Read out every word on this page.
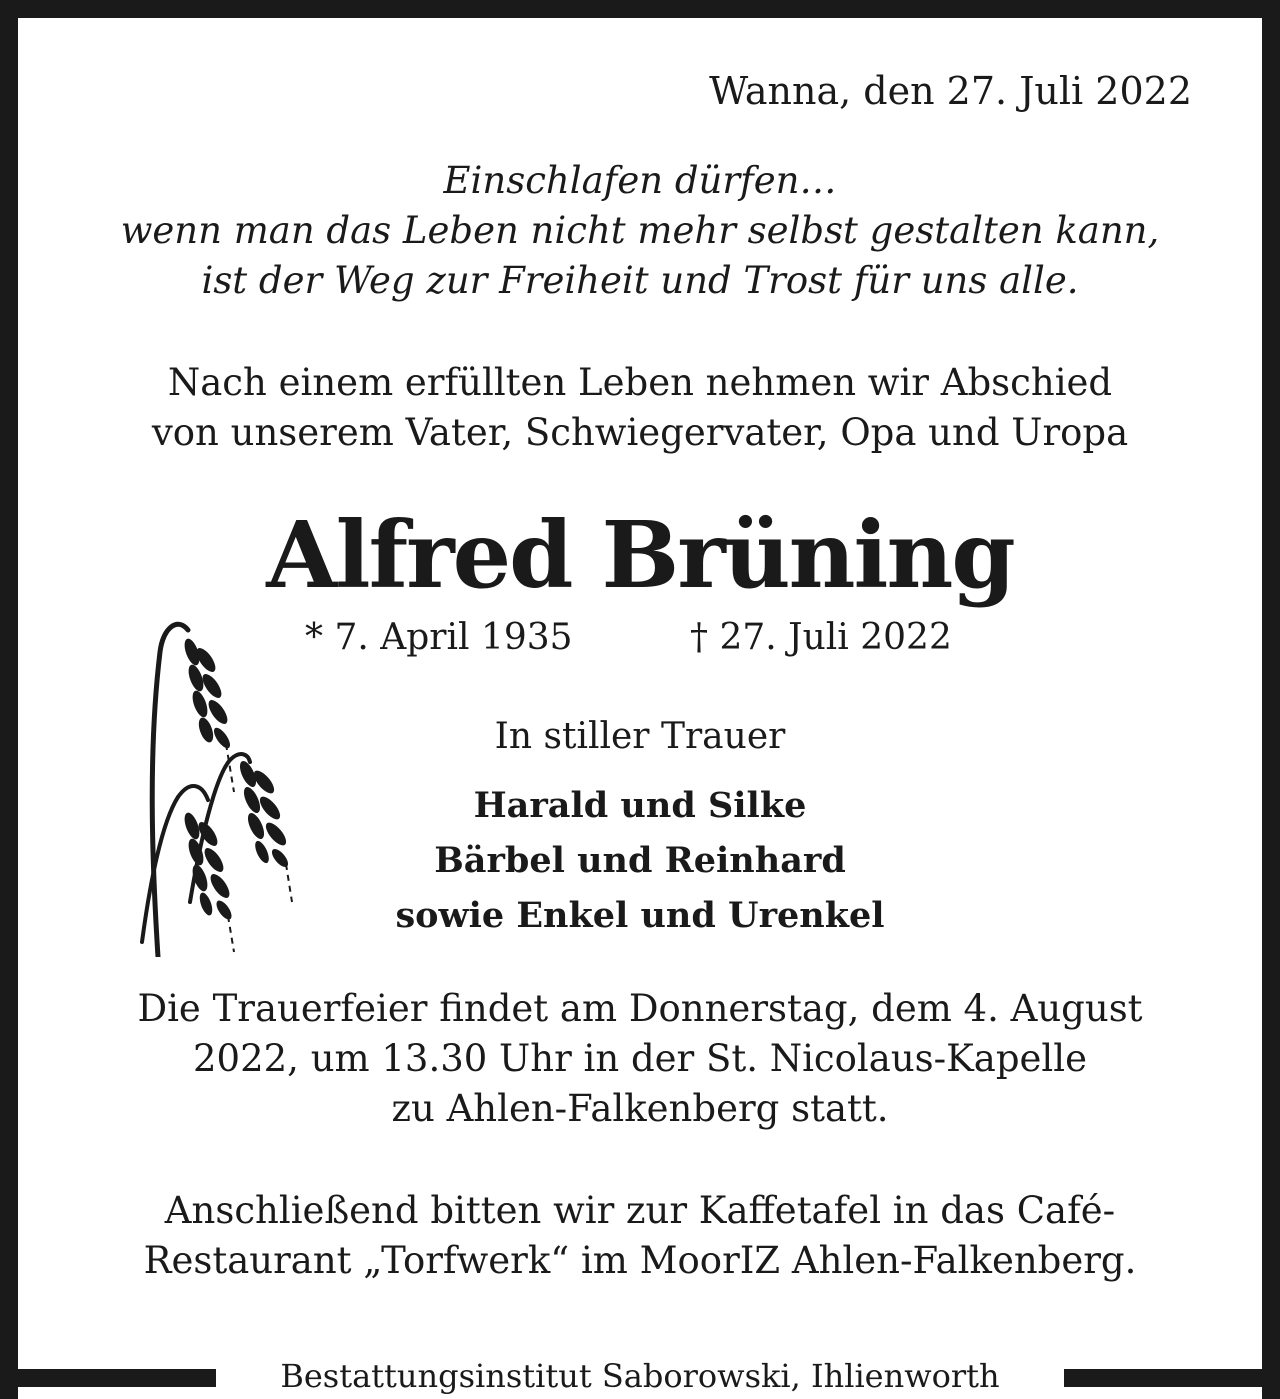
Wanna, den 27. Juli 2022
Einschlafen dürfen…
wenn man das Leben nicht mehr selbst gestalten kann,
ist der Weg zur Freiheit und Trost für uns alle.
Nach einem erfüllten Leben nehmen wir Abschied
von unserem Vater, Schwiegervater, Opa und Uropa
Alfred Brüning
* 7. April 1935	† 27. Juli 2022
In stiller Trauer
Harald und Silke
Bärbel und Reinhard
sowie Enkel und Urenkel
Die Trauerfeier findet am Donnerstag, dem 4. August
2022, um 13.30 Uhr in der St. Nicolaus-Kapelle
zu Ahlen-Falkenberg statt.
Anschließend bitten wir zur Kaffetafel in das Café-
Restaurant „Torfwerk“ im MoorIZ Ahlen-Falkenberg.
Bestattungsinstitut Saborowski, Ihlienworth
